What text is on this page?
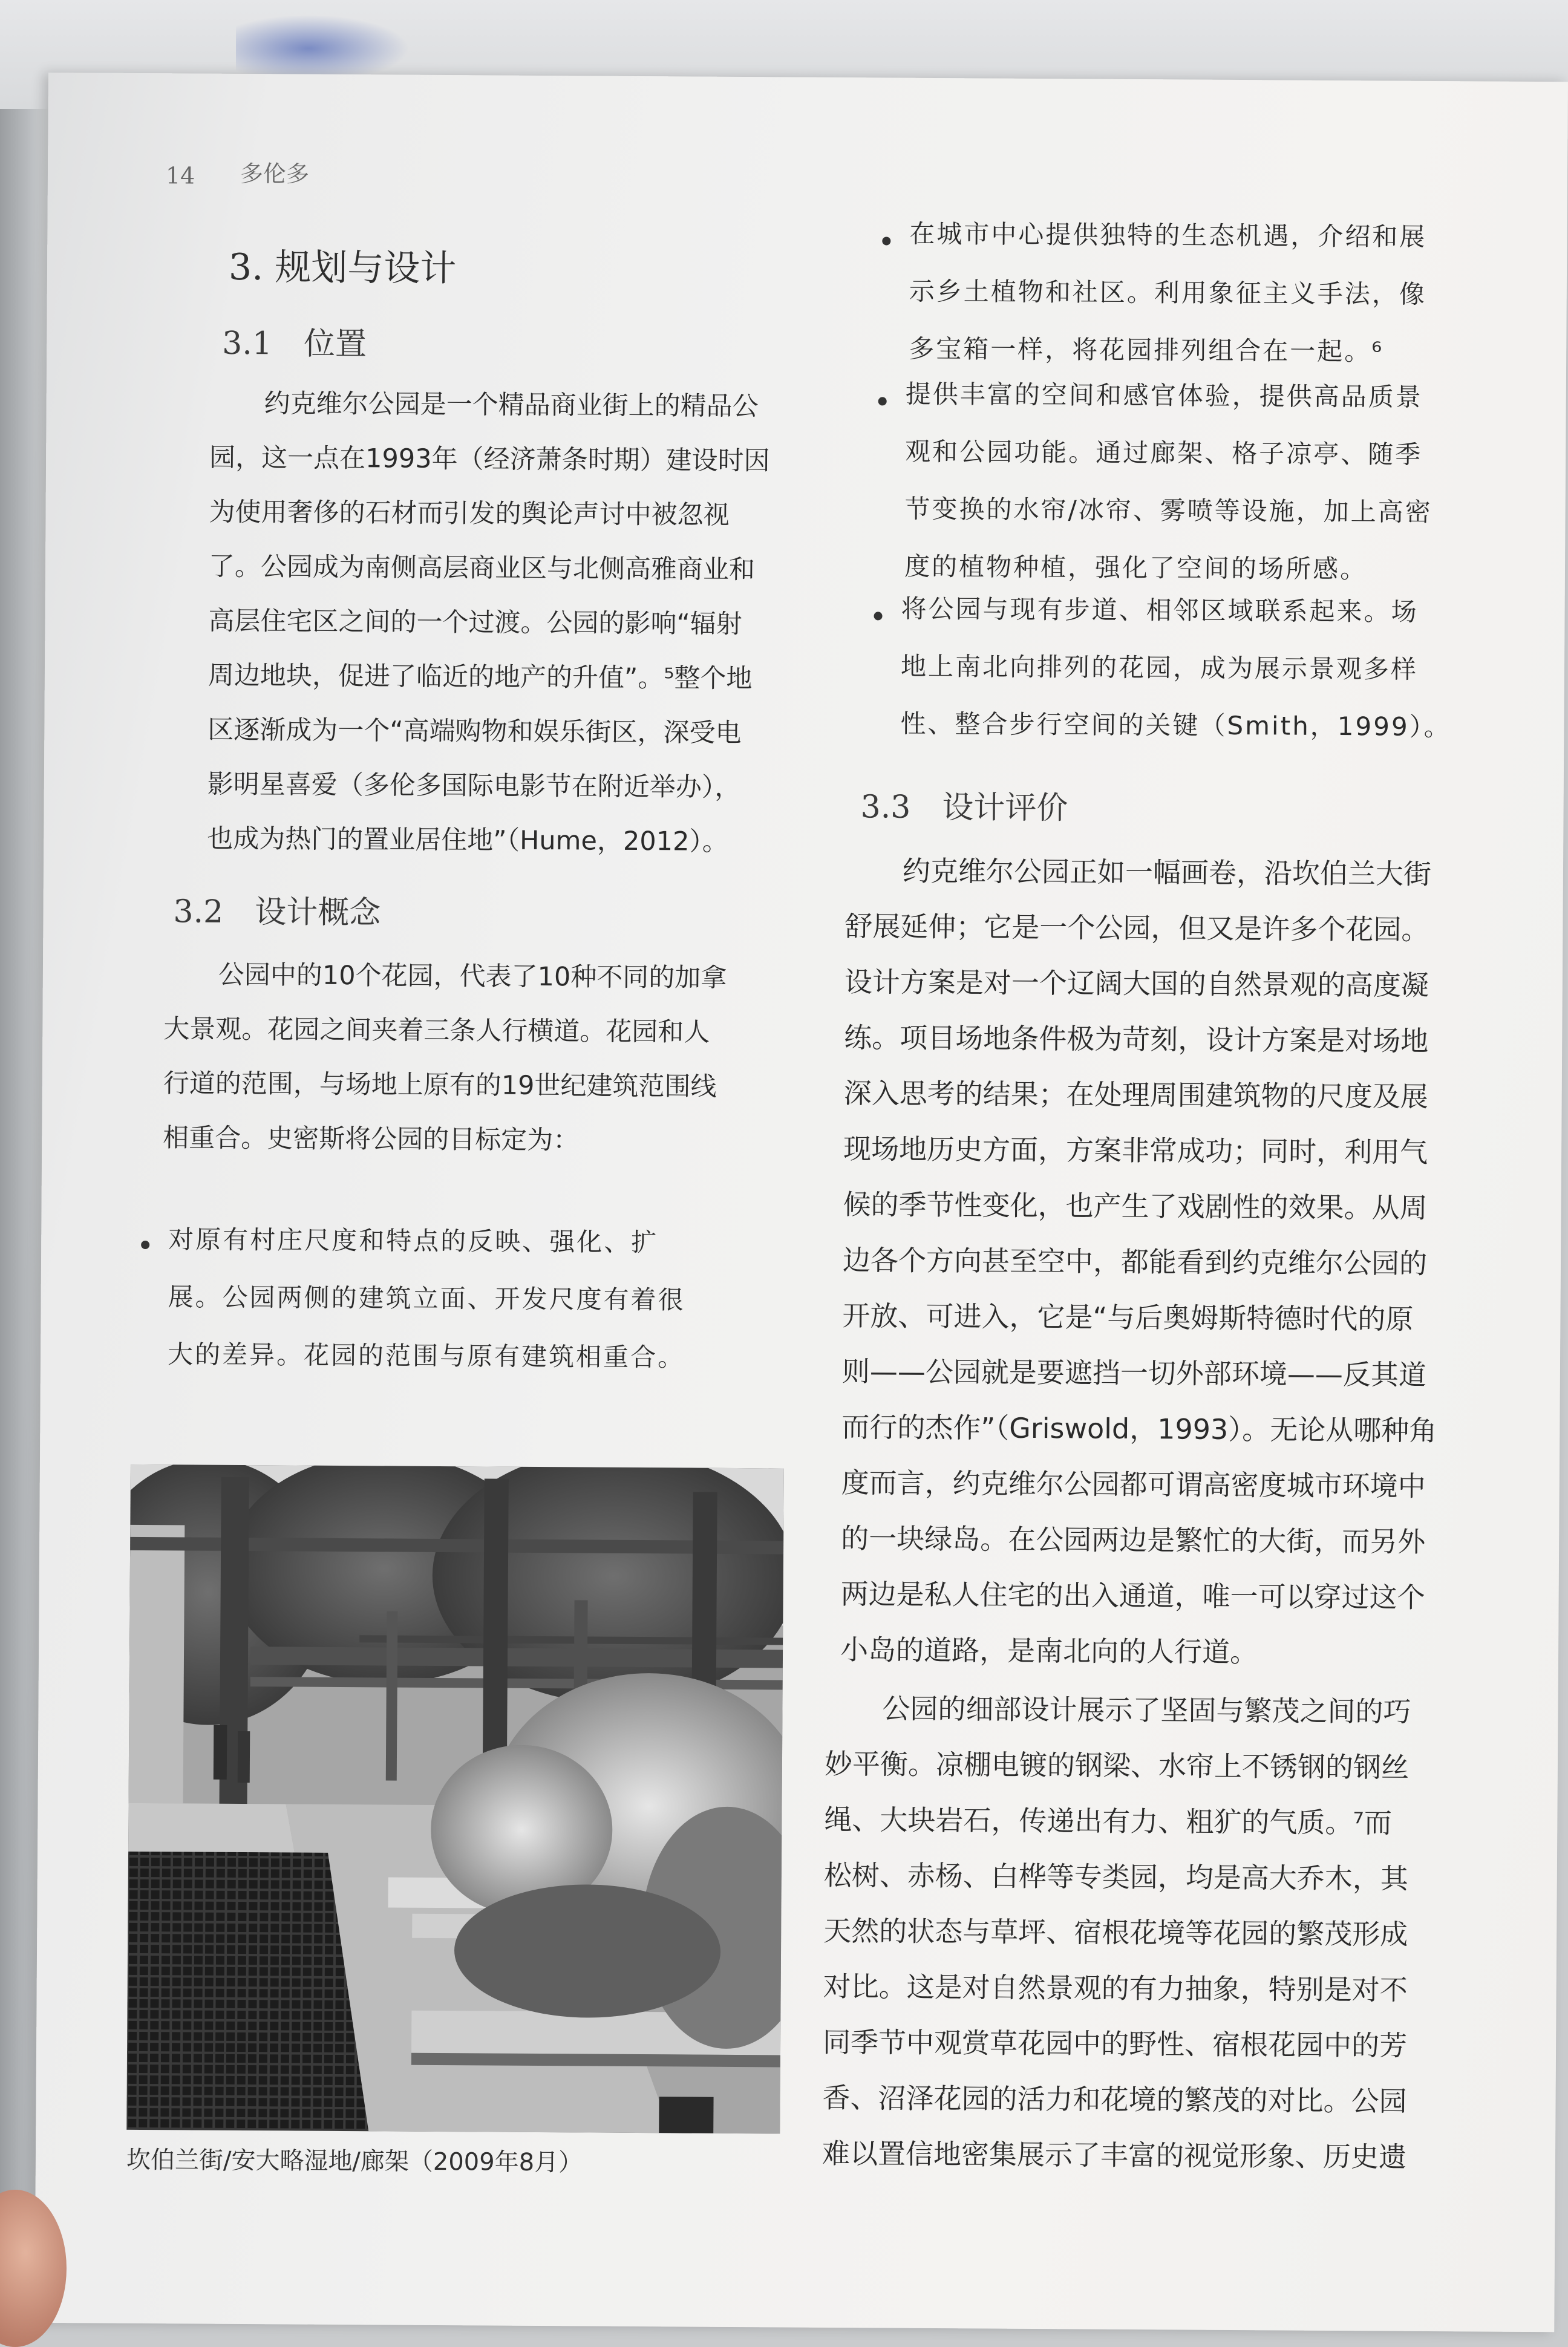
14 多伦多
3. 规划与设计
3.1　位置
约克维尔公园是一个精品商业街上的精品公
园，这一点在1993年（经济萧条时期）建设时因
为使用奢侈的石材而引发的舆论声讨中被忽视
了。公园成为南侧高层商业区与北侧高雅商业和
高层住宅区之间的一个过渡。公园的影响“辐射
周边地块，促进了临近的地产的升值”。⁵整个地
区逐渐成为一个“高端购物和娱乐街区，深受电
影明星喜爱（多伦多国际电影节在附近举办），
也成为热门的置业居住地”（Hume，2012）。
3.2　设计概念
公园中的10个花园，代表了10种不同的加拿
大景观。花园之间夹着三条人行横道。花园和人
行道的范围，与场地上原有的19世纪建筑范围线
相重合。史密斯将公园的目标定为：
对原有村庄尺度和特点的反映、强化、扩
展。公园两侧的建筑立面、开发尺度有着很
大的差异。花园的范围与原有建筑相重合。
坎伯兰街/安大略湿地/廊架（2009年8月）
在城市中心提供独特的生态机遇，介绍和展
示乡土植物和社区。利用象征主义手法，像
多宝箱一样，将花园排列组合在一起。⁶
提供丰富的空间和感官体验，提供高品质景
观和公园功能。通过廊架、格子凉亭、随季
节变换的水帘/冰帘、雾喷等设施，加上高密
度的植物种植，强化了空间的场所感。
将公园与现有步道、相邻区域联系起来。场
地上南北向排列的花园，成为展示景观多样
性、整合步行空间的关键（Smith，1999）。
3.3　设计评价
约克维尔公园正如一幅画卷，沿坎伯兰大街
舒展延伸；它是一个公园，但又是许多个花园。
设计方案是对一个辽阔大国的自然景观的高度凝
练。项目场地条件极为苛刻，设计方案是对场地
深入思考的结果；在处理周围建筑物的尺度及展
现场地历史方面，方案非常成功；同时，利用气
候的季节性变化，也产生了戏剧性的效果。从周
边各个方向甚至空中，都能看到约克维尔公园的
开放、可进入，它是“与后奥姆斯特德时代的原
则——公园就是要遮挡一切外部环境——反其道
而行的杰作”（Griswold，1993）。无论从哪种角
度而言，约克维尔公园都可谓高密度城市环境中
的一块绿岛。在公园两边是繁忙的大街，而另外
两边是私人住宅的出入通道，唯一可以穿过这个
小岛的道路，是南北向的人行道。
公园的细部设计展示了坚固与繁茂之间的巧
妙平衡。凉棚电镀的钢梁、水帘上不锈钢的钢丝
绳、大块岩石，传递出有力、粗犷的气质。⁷而
松树、赤杨、白桦等专类园，均是高大乔木，其
天然的状态与草坪、宿根花境等花园的繁茂形成
对比。这是对自然景观的有力抽象，特别是对不
同季节中观赏草花园中的野性、宿根花园中的芳
香、沼泽花园的活力和花境的繁茂的对比。公园
难以置信地密集展示了丰富的视觉形象、历史遗
